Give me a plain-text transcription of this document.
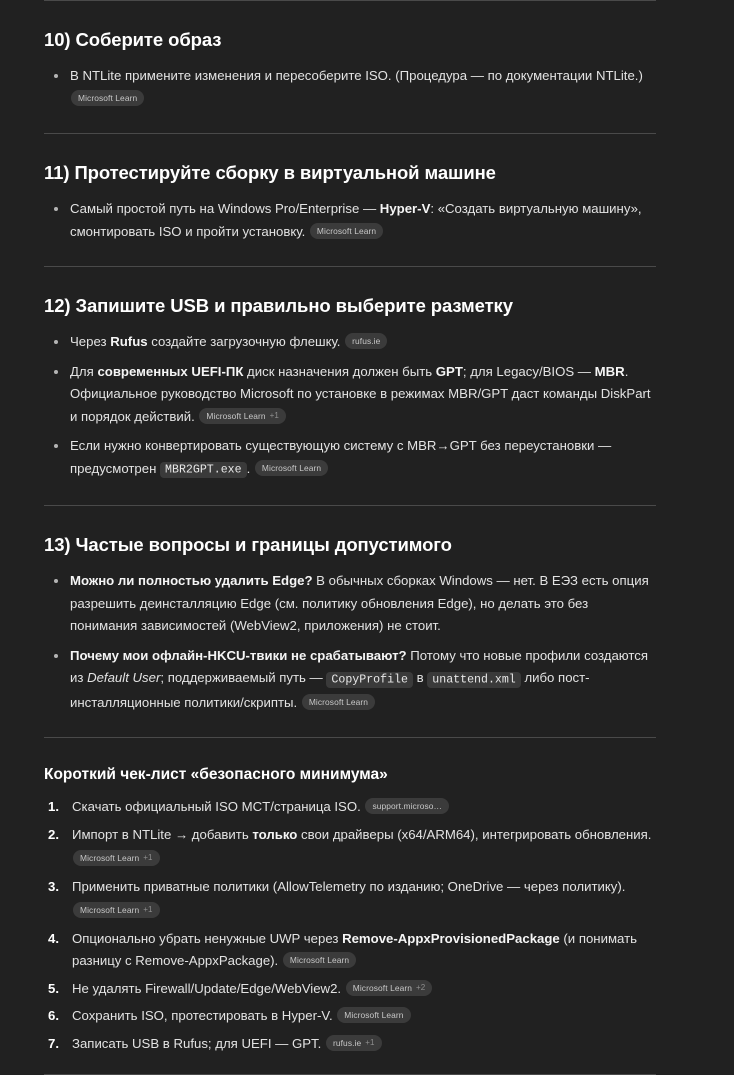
10) Соберите образ
В NTLite примените изменения и пересоберите ISO. (Процедура — по документации NTLite.)
Microsoft Learn
11) Протестируйте сборку в виртуальной машине
Самый простой путь на Windows Pro/Enterprise — Hyper-V: «Создать виртуальную машину», смонтировать ISO и пройти установку. Microsoft Learn
12) Запишите USB и правильно выберите разметку
Через Rufus создайте загрузочную флешку. rufus.ie
Для современных UEFI-ПК диск назначения должен быть GPT; для Legacy/BIOS — MBR. Официальное руководство Microsoft по установке в режимах MBR/GPT даст команды DiskPart и порядок действий. Microsoft Learn +1
Если нужно конвертировать существующую систему с MBR→GPT без переустановки — предусмотрен MBR2GPT.exe . Microsoft Learn
13) Частые вопросы и границы допустимого
Можно ли полностью удалить Edge? В обычных сборках Windows — нет. В EЭЗ есть опция разрешить деинсталляцию Edge (см. политику обновления Edge), но делать это без понимания зависимостей (WebView2, приложения) не стоит.
Почему мои офлайн-HKCU-твики не срабатывают? Потому что новые профили создаются из Default User; поддерживаемый путь — CopyProfile в unattend.xml либо пост-инсталляционные политики/скрипты. Microsoft Learn
Короткий чек-лист «безопасного минимума»
Скачать официальный ISO MCT/страница ISO. support.microso…
Импорт в NTLite → добавить только свои драйверы (x64/ARM64), интегрировать обновления.
Microsoft Learn +1
Применить приватные политики (AllowTelemetry по изданию; OneDrive — через политику).
Microsoft Learn +1
Опционально убрать ненужные UWP через Remove-AppxProvisionedPackage (и понимать разницу с Remove-AppxPackage). Microsoft Learn
Не удалять Firewall/Update/Edge/WebView2. Microsoft Learn +2
Сохранить ISO, протестировать в Hyper-V. Microsoft Learn
Записать USB в Rufus; для UEFI — GPT. rufus.ie +1
